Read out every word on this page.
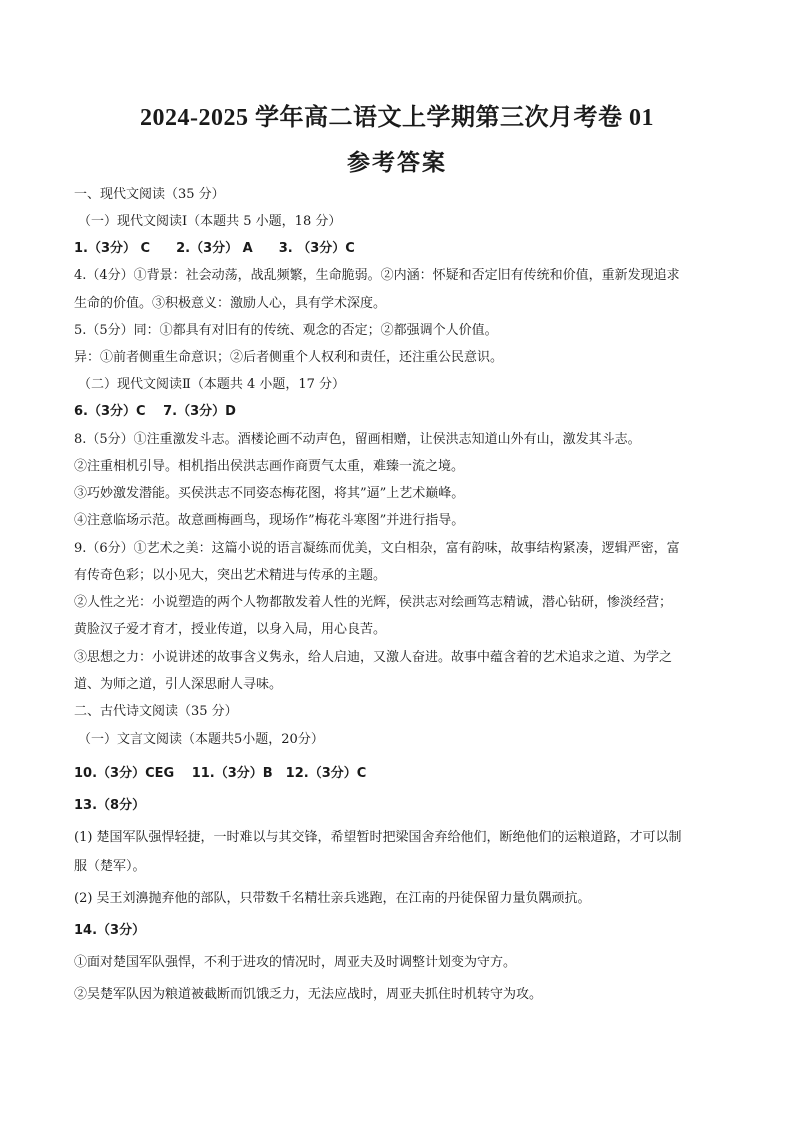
2024-2025 学年高二语文上学期第三次月考卷 01
参考答案
一、现代文阅读（35 分）
（一）现代文阅读Ⅰ（本题共 5 小题，18 分）
1.（3分） C　　2.（3分） A　　3. （3分）C
4.（4分）①背景：社会动荡，战乱频繁，生命脆弱。②内涵：怀疑和否定旧有传统和价值，重新发现追求
生命的价值。③积极意义：激励人心，具有学术深度。
5.（5分）同：①都具有对旧有的传统、观念的否定；②都强调个人价值。
异：①前者侧重生命意识；②后者侧重个人权利和责任，还注重公民意识。
（二）现代文阅读Ⅱ（本题共 4 小题，17 分）
6.（3分）C　 7.（3分）D
8.（5分）①注重激发斗志。酒楼论画不动声色，留画相赠，让侯洪志知道山外有山，激发其斗志。
②注重相机引导。相机指出侯洪志画作商贾气太重，难臻一流之境。
③巧妙激发潜能。买侯洪志不同姿态梅花图，将其”逼”上艺术巅峰。
④注意临场示范。故意画梅画鸟，现场作”梅花斗寒图”并进行指导。
9.（6分）①艺术之美：这篇小说的语言凝练而优美，文白相杂，富有韵味，故事结构紧凑，逻辑严密，富
有传奇色彩；以小见大，突出艺术精进与传承的主题。
②人性之光：小说塑造的两个人物都散发着人性的光辉，侯洪志对绘画笃志精诚，潜心钻研，惨淡经营；
黄脸汉子爱才育才，授业传道，以身入局，用心良苦。
③思想之力：小说讲述的故事含义隽永，给人启迪，又激人奋进。故事中蕴含着的艺术追求之道、为学之
道、为师之道，引人深思耐人寻味。
二、古代诗文阅读（35 分）
（一）文言文阅读（本题共5小题，20分）
10.（3分）CEG　 11.（3分）B　12.（3分）C
13.（8分）
(1) 楚国军队强悍轻捷，一时难以与其交锋，希望暂时把梁国舍弃给他们，断绝他们的运粮道路，才可以制
服（楚军）。
(2) 吴王刘濞抛弃他的部队，只带数千名精壮亲兵逃跑，在江南的丹徒保留力量负隅顽抗。
14.（3分）
①面对楚国军队强悍，不利于进攻的情况时，周亚夫及时调整计划变为守方。
②吴楚军队因为粮道被截断而饥饿乏力，无法应战时，周亚夫抓住时机转守为攻。
